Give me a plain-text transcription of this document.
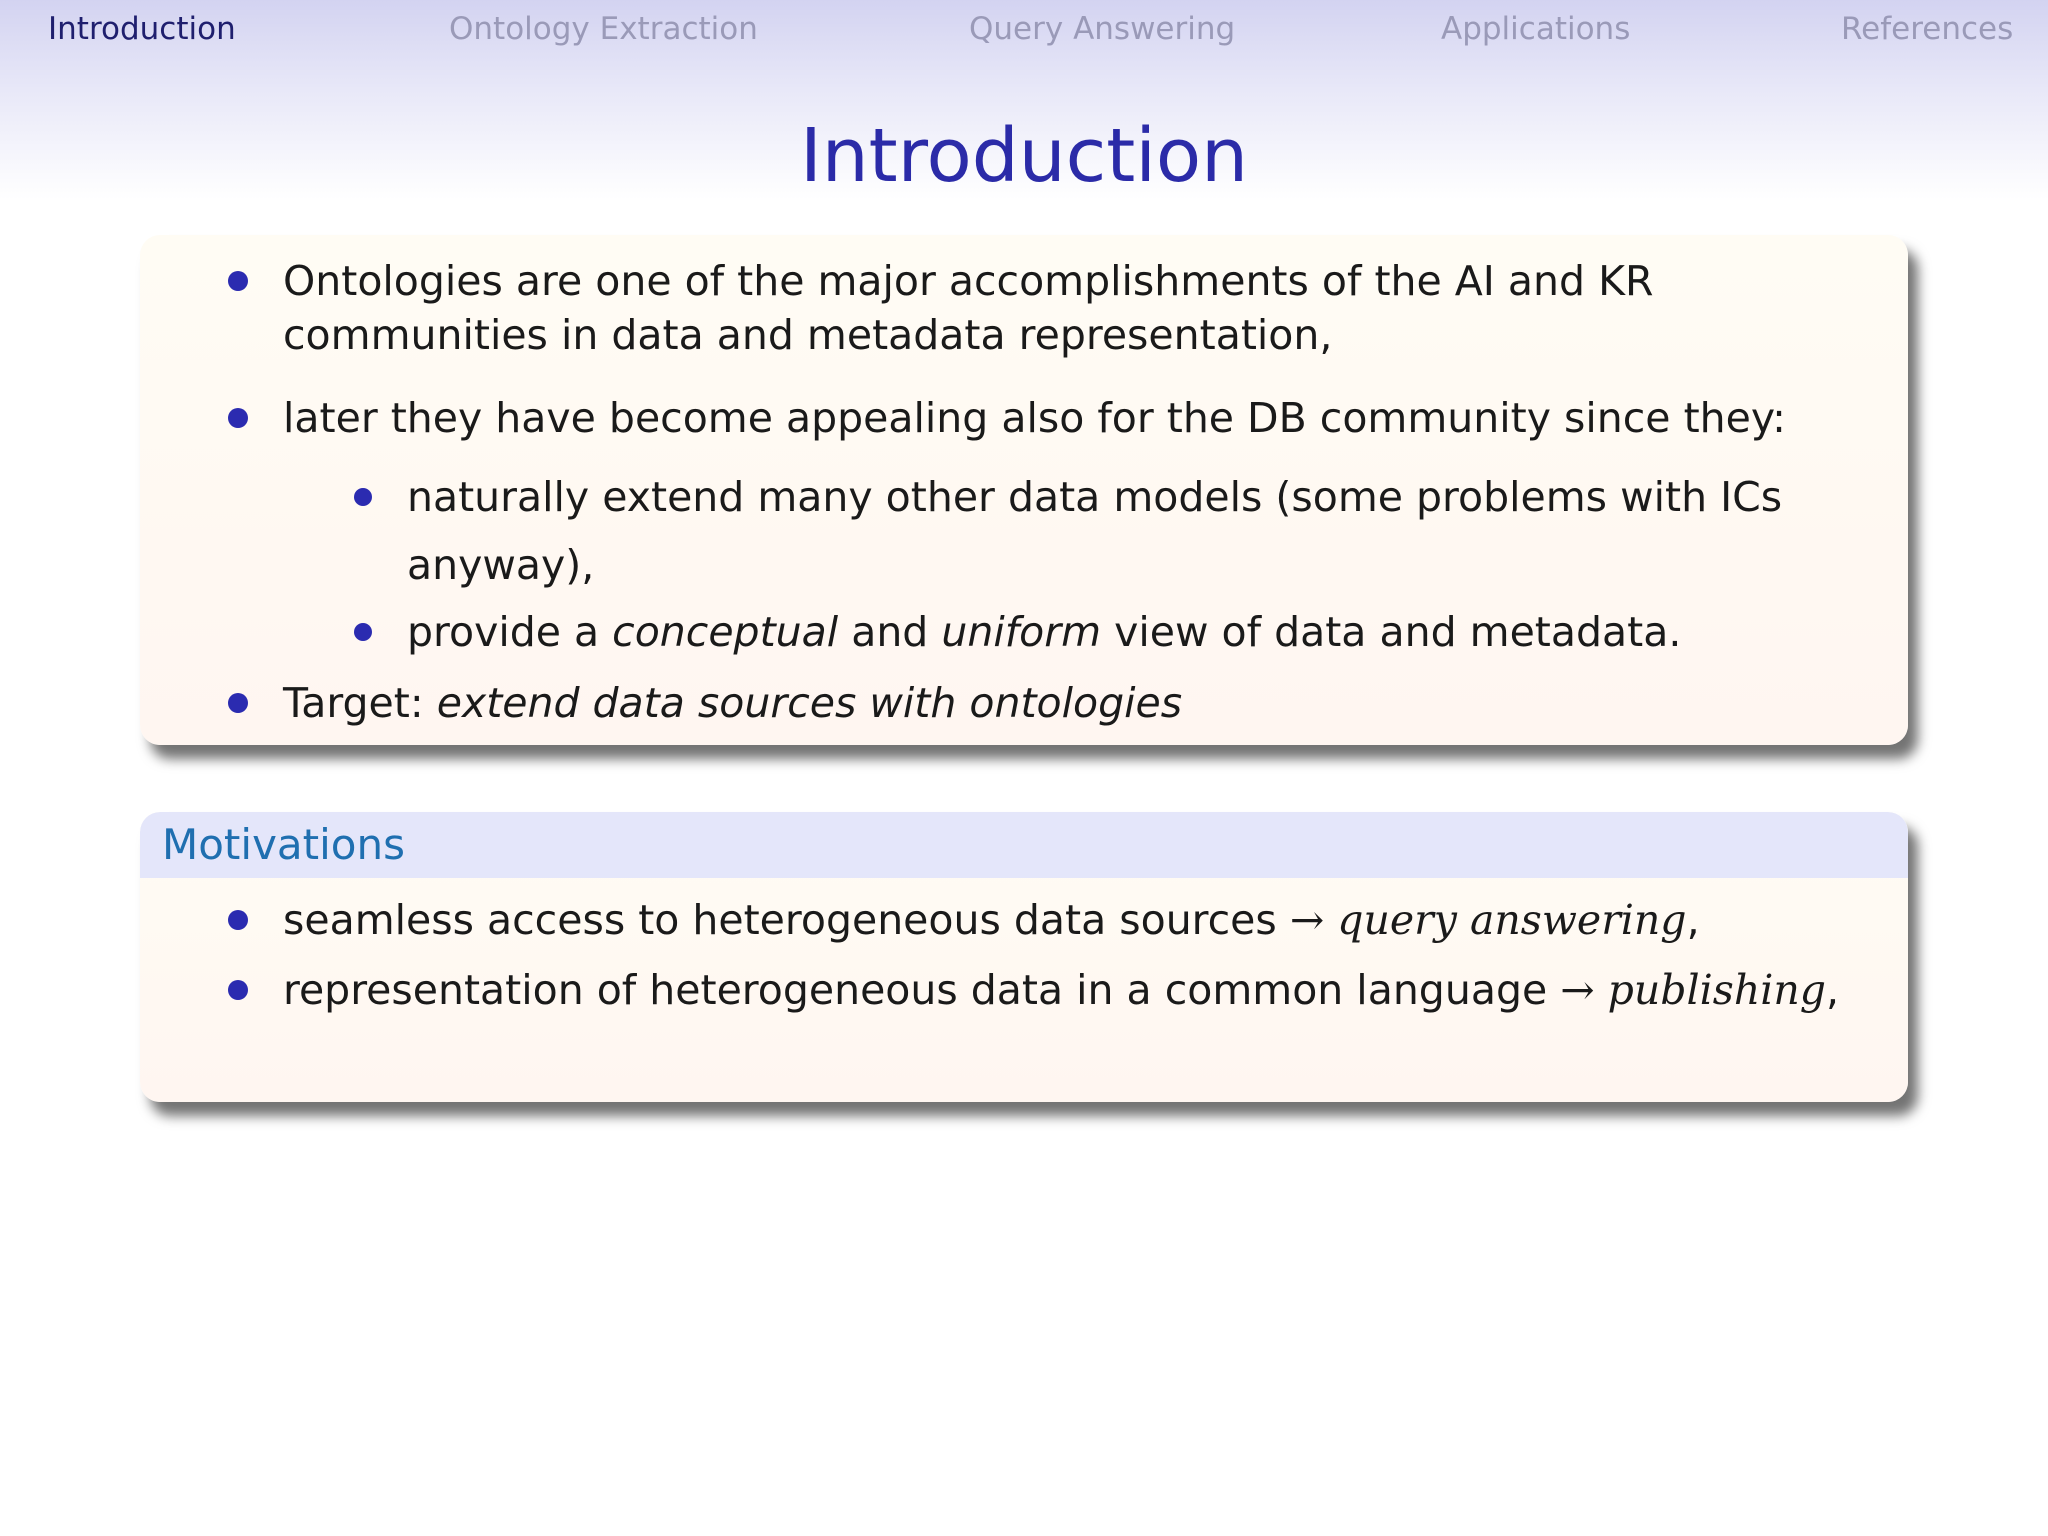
Introduction	Ontology Extraction	Query Answering	Applications	References
Introduction
Ontologies are one of the major accomplishments of the AI and KR
communities in data and metadata representation,
later they have become appealing also for the DB community since they:
naturally extend many other data models (some problems with ICs
anyway),
provide a conceptual and uniform view of data and metadata.
Target: extend data sources with ontologies
Motivations
seamless access to heterogeneous data sources → query answering,
representation of heterogeneous data in a common language → publishing,
